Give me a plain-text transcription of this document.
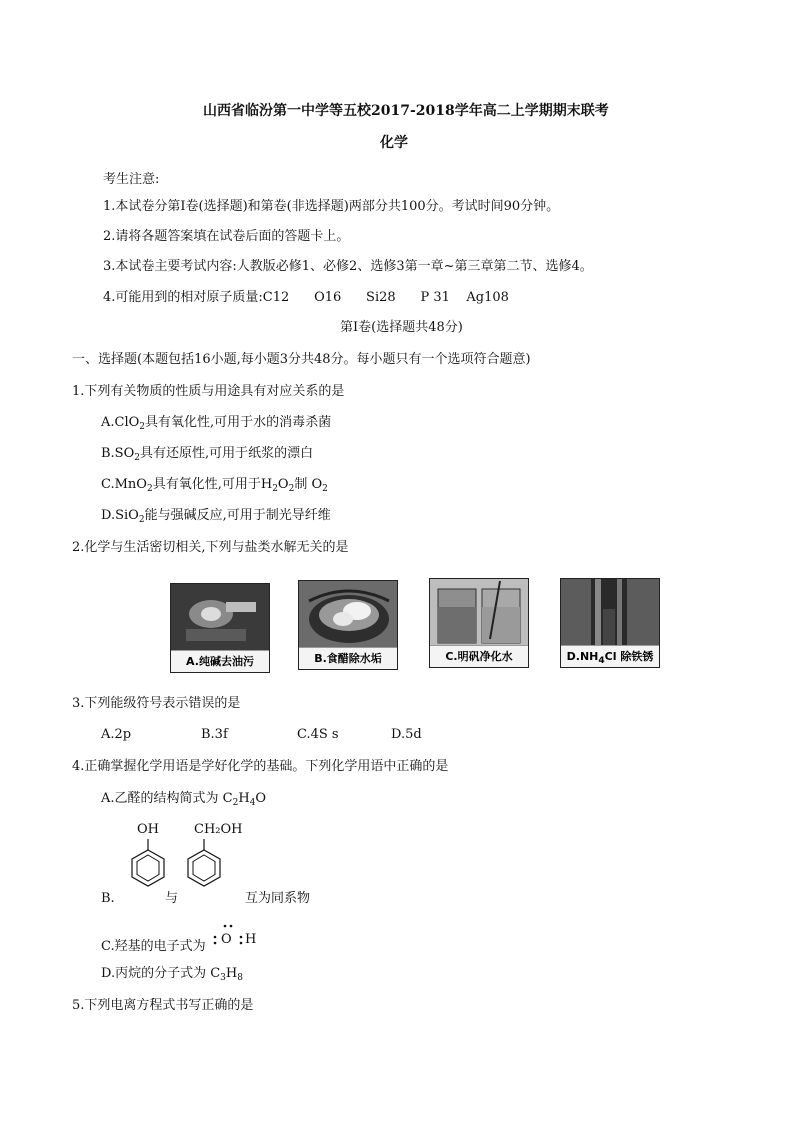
山西省临汾第一中学等五校2017-2018学年高二上学期期末联考
化学
考生注意:
1.本试卷分第Ⅰ卷(选择题)和第卷(非选择题)两部分共100分。考试时间90分钟。
2.请将各题答案填在试卷后面的答题卡上。
3.本试卷主要考试内容:人教版必修1、必修2、选修3第一章~第三章第二节、选修4。
4.可能用到的相对原子质量:C12      O16      Si28      P 31    Ag108
第Ⅰ卷(选择题共48分)
一、选择题(本题包括16小题,每小题3分共48分。每小题只有一个选项符合题意)
1.下列有关物质的性质与用途具有对应关系的是
A.ClO$_2$具有氧化性,可用于水的消毒杀菌
$B.SO_2$具有还原性,可用于纸浆的漂白
C.MnO$_2$具有氧化性,可用于$H_2O_2$制 $O_2$
D.SiO$_2$能与强碱反应,可用于制光导纤维
2.化学与生活密切相关,下列与盐类水解无关的是
A.纯碱去油污	B.食醋除水垢	C.明矾净化水	$D.NH_4Cl$ 除铁锈
3.下列能级符号表示错误的是
A.2p	B.3f	C.4S s	D.5d
4.正确掌握化学用语是学好化学的基础。下列化学用语中正确的是
A.乙醛的结构简式为 $C_2H_4O$
B.
OH
与
CH₂OH
互为同系物
C.羟基的电子式为 O H
D.丙烷的分子式为 $C_3H_8$
5.下列电离方程式书写正确的是
